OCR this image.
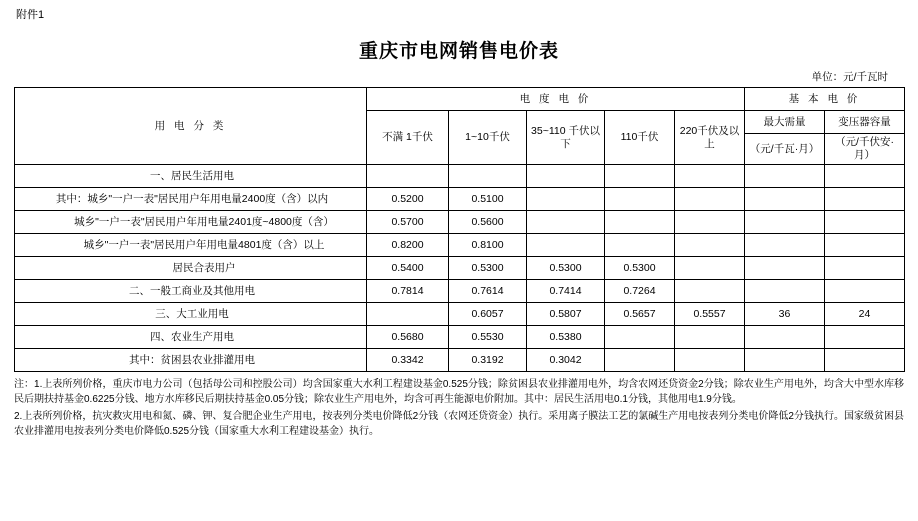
附件1
重庆市电网销售电价表
单位：元/千瓦时
用 电 分 类	电 度 电 价					基 本 电 价	
	不满 1千伏	1~10千伏	35~110 千伏以下	110千伏	220千伏及以上	最大需量	变压器容量
						（元/千瓦·月）	（元/千伏安·月）
一、居民生活用电							
其中：城乡"一户一表"居民用户年用电量2400度（含）以内	0.5200	0.5100					
城乡"一户一表"居民用户年用电量2401度~4800度（含）	0.5700	0.5600					
城乡"一户一表"居民用户年用电量4801度（含）以上	0.8200	0.8100					
居民合表用户	0.5400	0.5300	0.5300	0.5300			
二、一般工商业及其他用电	0.7814	0.7614	0.7414	0.7264			
三、大工业用电		0.6057	0.5807	0.5657	0.5557	36	24
四、农业生产用电	0.5680	0.5530	0.5380				
其中：贫困县农业排灌用电	0.3342	0.3192	0.3042				

注：1.上表所列价格，重庆市电力公司（包括母公司和控股公司）均含国家重大水利工程建设基金0.525分钱；除贫困县农业排灌用电外，均含农网还贷资金2分钱；除农业生产用电外，均含大中型水库移民后期扶持基金0.6225分钱、地方水库移民后期扶持基金0.05分钱；除农业生产用电外，均含可再生能源电价附加。其中：居民生活用电0.1分钱，其他用电1.9分钱。

2.上表所列价格，抗灾救灾用电和氮、磷、钾、复合肥企业生产用电，按表列分类电价降低2分钱（农网还贷资金）执行。采用离子膜法工艺的氯碱生产用电按表列分类电价降低2分钱执行。国家级贫困县农业排灌用电按表列分类电价降低0.525分钱（国家重大水利工程建设基金）执行。
